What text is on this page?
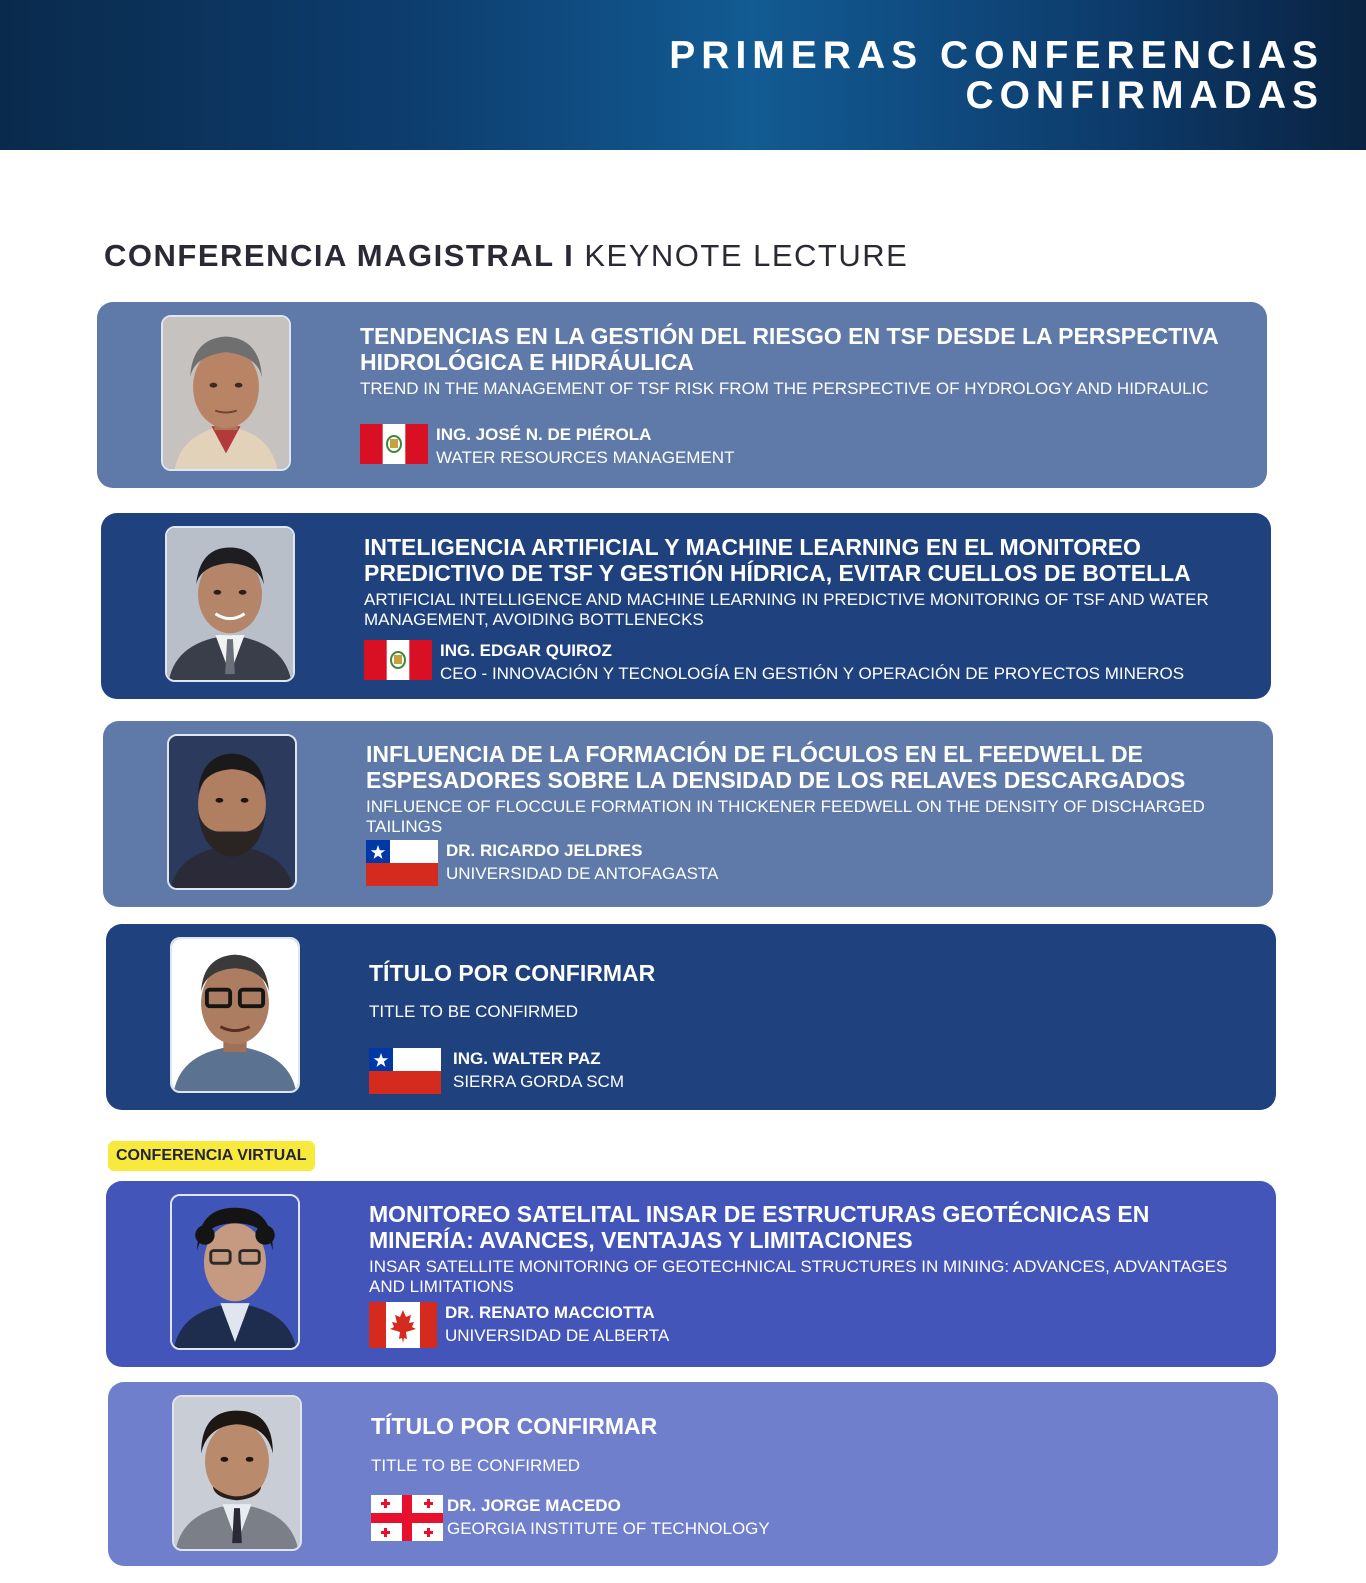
PRIMERAS CONFERENCIAS
CONFIRMADAS
CONFERENCIA MAGISTRAL I KEYNOTE LECTURE
TENDENCIAS EN LA GESTIÓN DEL RIESGO EN TSF DESDE LA PERSPECTIVA HIDROLÓGICA E HIDRÁULICA
TREND IN THE MANAGEMENT OF TSF RISK FROM THE PERSPECTIVE OF HYDROLOGY AND HIDRAULIC
ING. JOSÉ N. DE PIÉROLA
WATER RESOURCES MANAGEMENT
INTELIGENCIA ARTIFICIAL Y MACHINE LEARNING EN EL MONITOREO PREDICTIVO DE TSF Y GESTIÓN HÍDRICA, EVITAR CUELLOS DE BOTELLA
ARTIFICIAL INTELLIGENCE AND MACHINE LEARNING IN PREDICTIVE MONITORING OF TSF AND WATER MANAGEMENT, AVOIDING BOTTLENECKS
ING. EDGAR QUIROZ
CEO - INNOVACIÓN Y TECNOLOGÍA EN GESTIÓN Y OPERACIÓN DE PROYECTOS MINEROS
INFLUENCIA DE LA FORMACIÓN DE FLÓCULOS EN EL FEEDWELL DE ESPESADORES SOBRE LA DENSIDAD DE LOS RELAVES DESCARGADOS
INFLUENCE OF FLOCCULE FORMATION IN THICKENER FEEDWELL ON THE DENSITY OF DISCHARGED TAILINGS
DR. RICARDO JELDRES
UNIVERSIDAD DE ANTOFAGASTA
TÍTULO POR CONFIRMAR
TITLE TO BE CONFIRMED
ING. WALTER PAZ
SIERRA GORDA SCM
CONFERENCIA VIRTUAL
MONITOREO SATELITAL INSAR DE ESTRUCTURAS GEOTÉCNICAS EN MINERÍA: AVANCES, VENTAJAS Y LIMITACIONES
INSAR SATELLITE MONITORING OF GEOTECHNICAL STRUCTURES IN MINING: ADVANCES, ADVANTAGES AND LIMITATIONS
DR. RENATO MACCIOTTA
UNIVERSIDAD DE ALBERTA
TÍTULO POR CONFIRMAR
TITLE TO BE CONFIRMED
DR. JORGE MACEDO
GEORGIA INSTITUTE OF TECHNOLOGY
